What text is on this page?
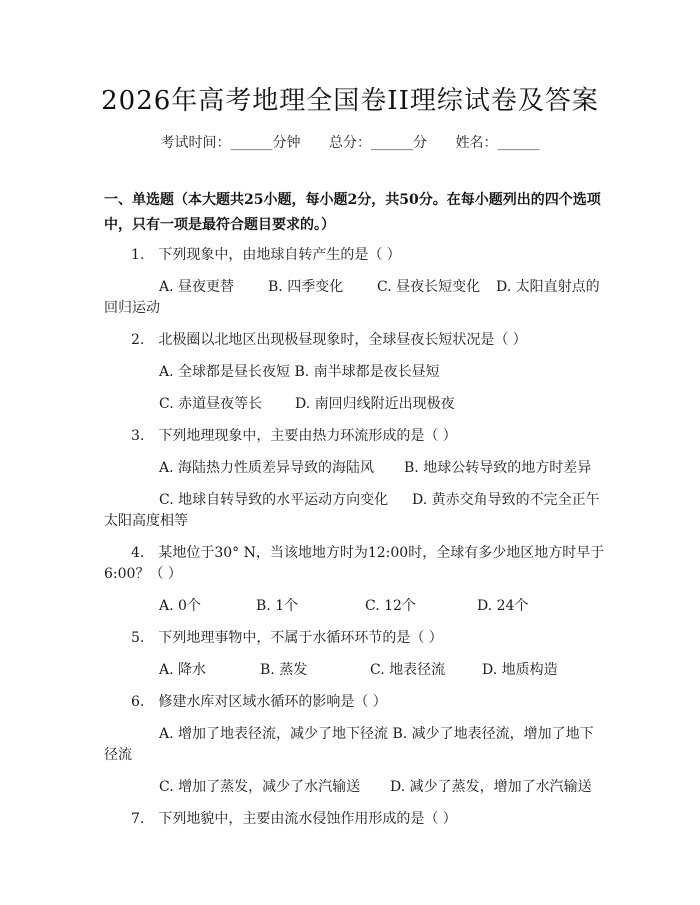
2026年高考地理全国卷II理综试卷及答案
考试时间：______分钟 总分：______分 姓名：______
一、单选题（本大题共25小题，每小题2分，共50分。在每小题列出的四个选项中，只有一项是最符合题目要求的。）
1.　下列现象中，由地球自转产生的是（ ）
A. 昼夜更替 B. 四季变化 C. 昼夜长短变化 D. 太阳直射点的
回归运动
2.　北极圈以北地区出现极昼现象时，全球昼夜长短状况是（ ）
A. 全球都是昼长夜短 B. 南半球都是夜长昼短
C. 赤道昼夜等长 D. 南回归线附近出现极夜
3.　下列地理现象中，主要由热力环流形成的是（ ）
A. 海陆热力性质差异导致的海陆风 B. 地球公转导致的地方时差异
C. 地球自转导致的水平运动方向变化 D. 黄赤交角导致的不完全正午
太阳高度相等
4.　某地位于30° N，当该地地方时为12:00时，全球有多少地区地方时早于
6:00？（ ）
A. 0个	B. 1个	C. 12个	D. 24个
5.　下列地理事物中，不属于水循环环节的是（ ）
A. 降水	B. 蒸发	C. 地表径流	D. 地质构造
6.　修建水库对区域水循环的影响是（ ）
A. 增加了地表径流，减少了地下径流 B. 减少了地表径流，增加了地下
径流
C. 增加了蒸发，减少了水汽输送 D. 减少了蒸发，增加了水汽输送
7.　下列地貌中，主要由流水侵蚀作用形成的是（ ）
